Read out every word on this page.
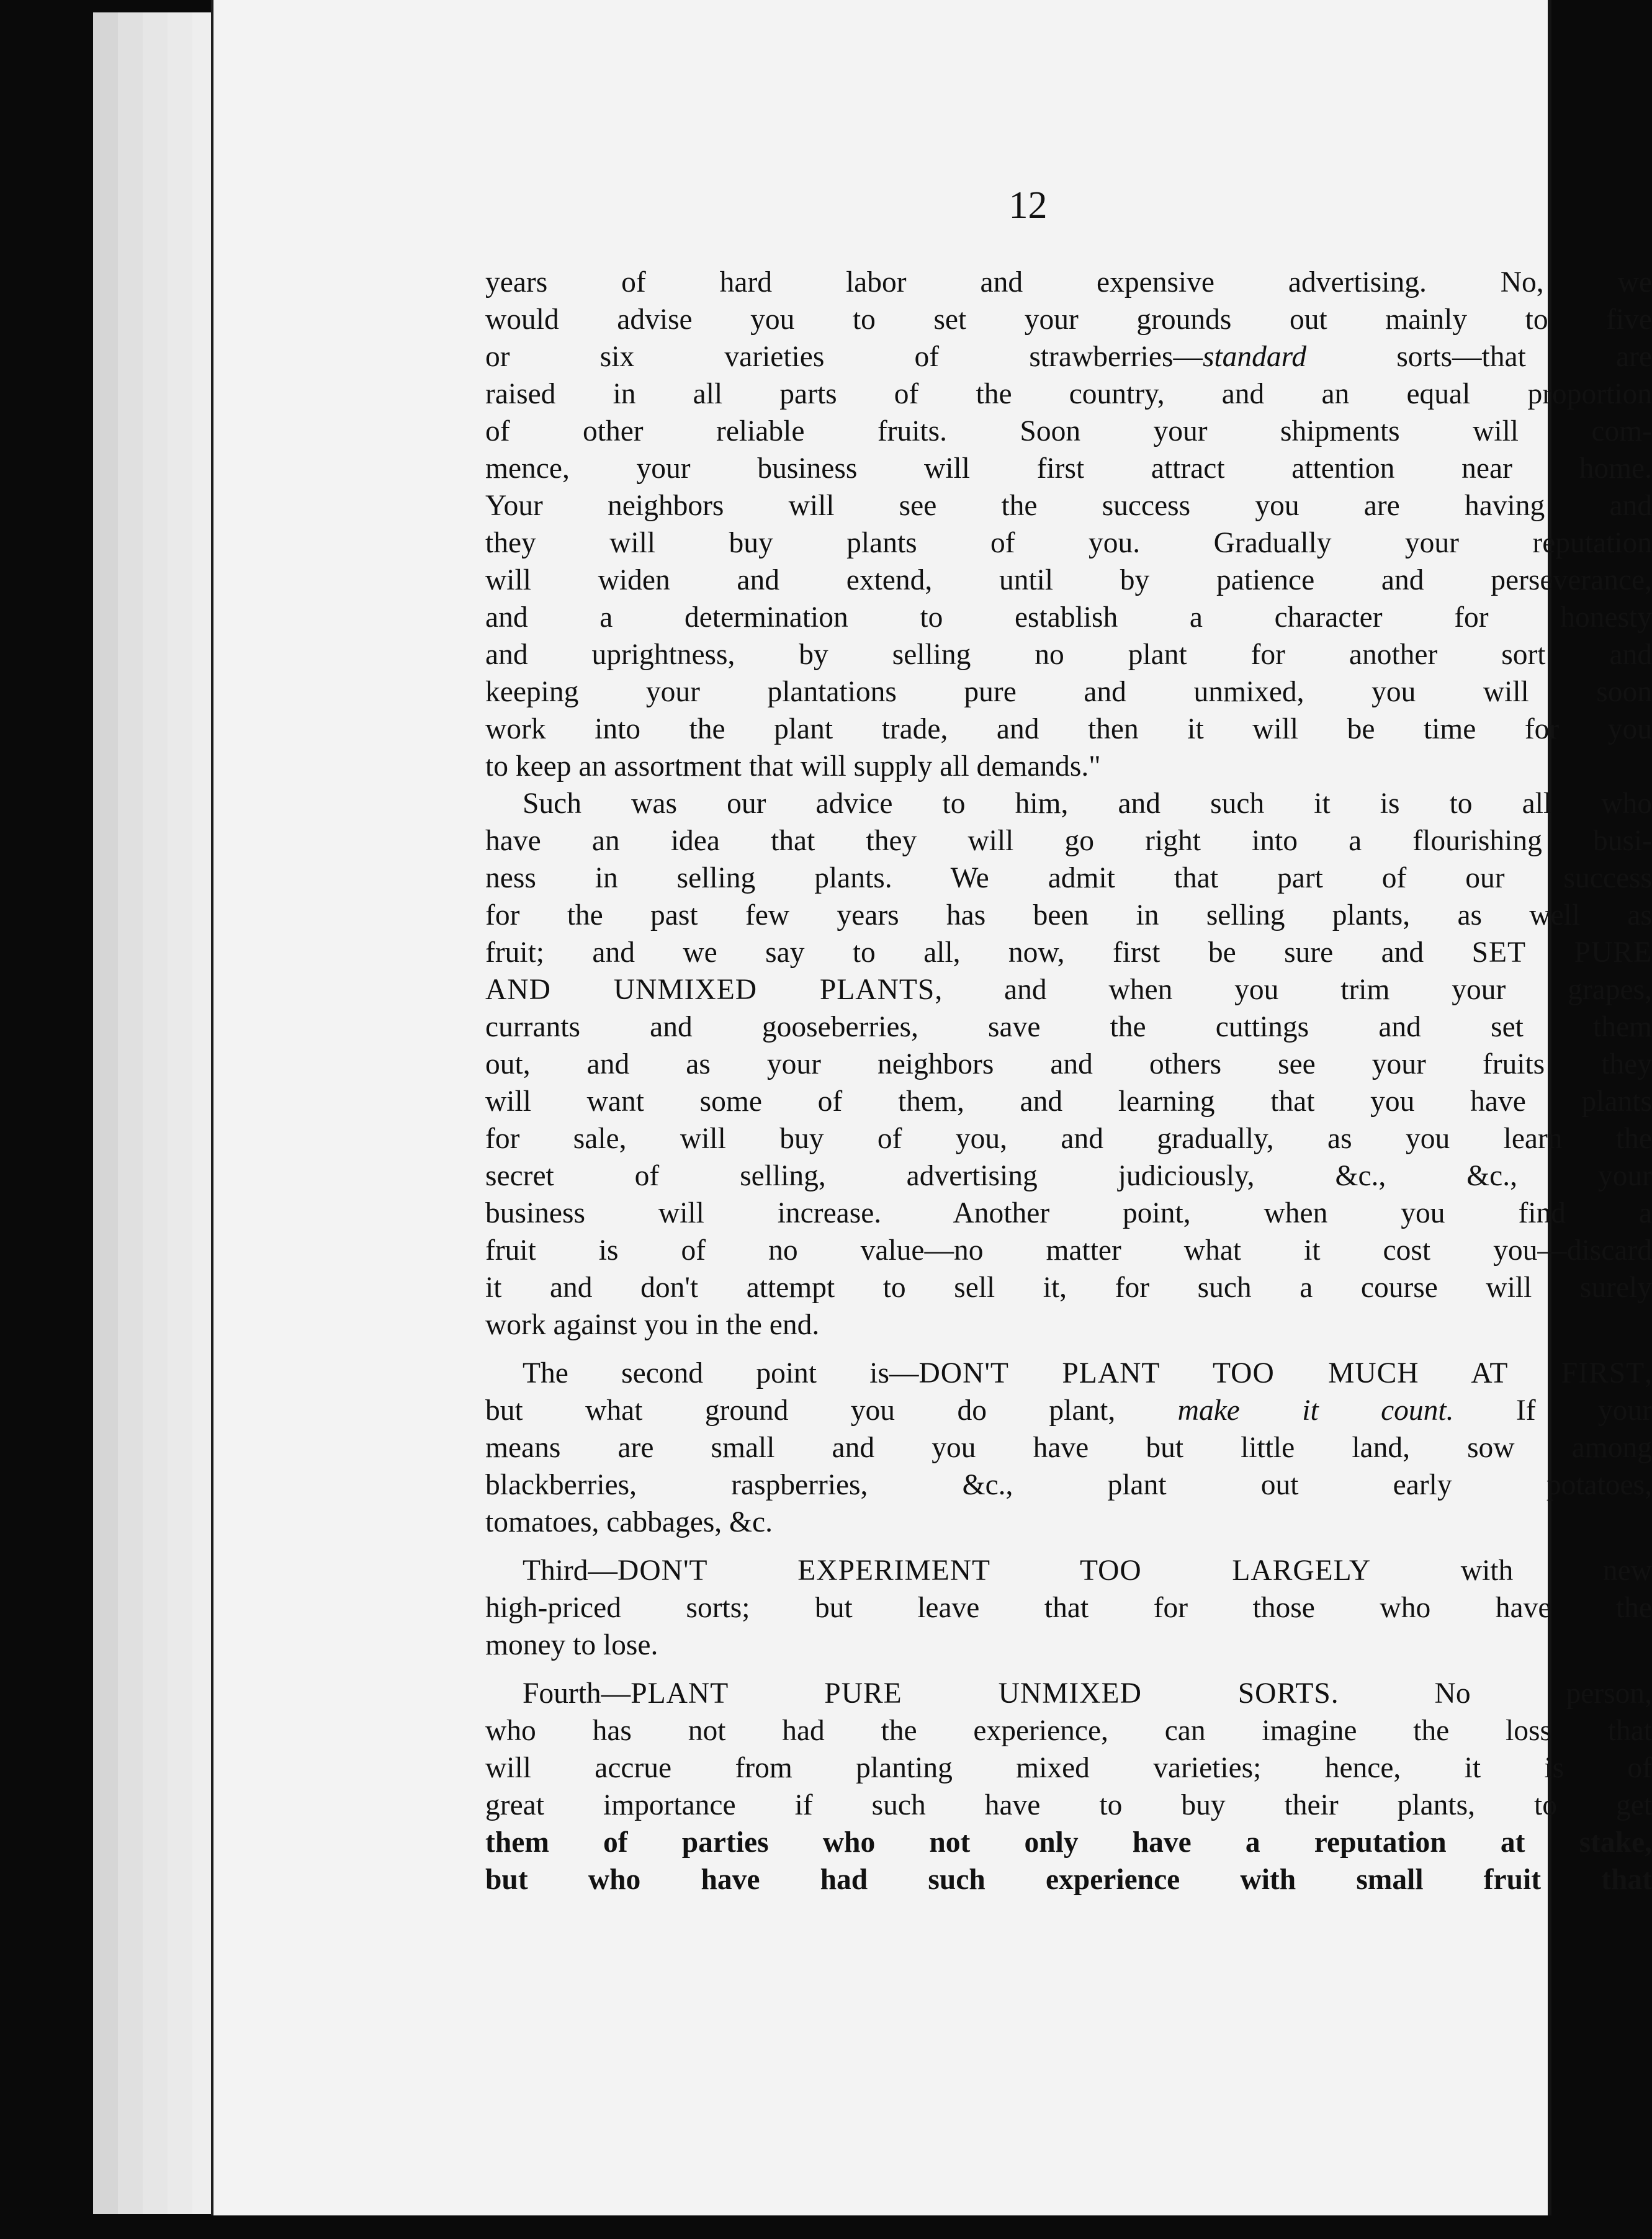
12
years of hard labor and expensive advertising. No, we
would advise you to set your grounds out mainly to five
or six varieties of strawberries—standard sorts—that are
raised in all parts of the country, and an equal proportion
of other reliable fruits. Soon your shipments will com-
mence, your business will first attract attention near home.
Your neighbors will see the success you are having and
they will buy plants of you. Gradually your reputation
will widen and extend, until by patience and perseverance,
and a determination to establish a character for honesty
and uprightness, by selling no plant for another sort and
keeping your plantations pure and unmixed, you will soon
work into the plant trade, and then it will be time for you
to keep an assortment that will supply all demands."
Such was our advice to him, and such it is to all who
have an idea that they will go right into a flourishing busi-
ness in selling plants. We admit that part of our success
for the past few years has been in selling plants, as well as
fruit; and we say to all, now, first be sure and SET PURE
AND UNMIXED PLANTS, and when you trim your grapes,
currants and gooseberries, save the cuttings and set them
out, and as your neighbors and others see your fruits they
will want some of them, and learning that you have plants
for sale, will buy of you, and gradually, as you learn the
secret of selling, advertising judiciously, &c., &c., your
business will increase. Another point, when you find a
fruit is of no value—no matter what it cost you—discard
it and don't attempt to sell it, for such a course will surely
work against you in the end.
The second point is—DON'T PLANT TOO MUCH AT FIRST,
but what ground you do plant, make it count. If your
means are small and you have but little land, sow among
blackberries, raspberries, &c., plant out early potatoes,
tomatoes, cabbages, &c.
Third—DON'T EXPERIMENT TOO LARGELY with new
high-priced sorts; but leave that for those who have the
money to lose.
Fourth—PLANT PURE UNMIXED SORTS. No person,
who has not had the experience, can imagine the loss that
will accrue from planting mixed varieties; hence, it is of
great importance if such have to buy their plants, to get
them of parties who not only have a reputation at stake,
but who have had such experience with small fruit that
